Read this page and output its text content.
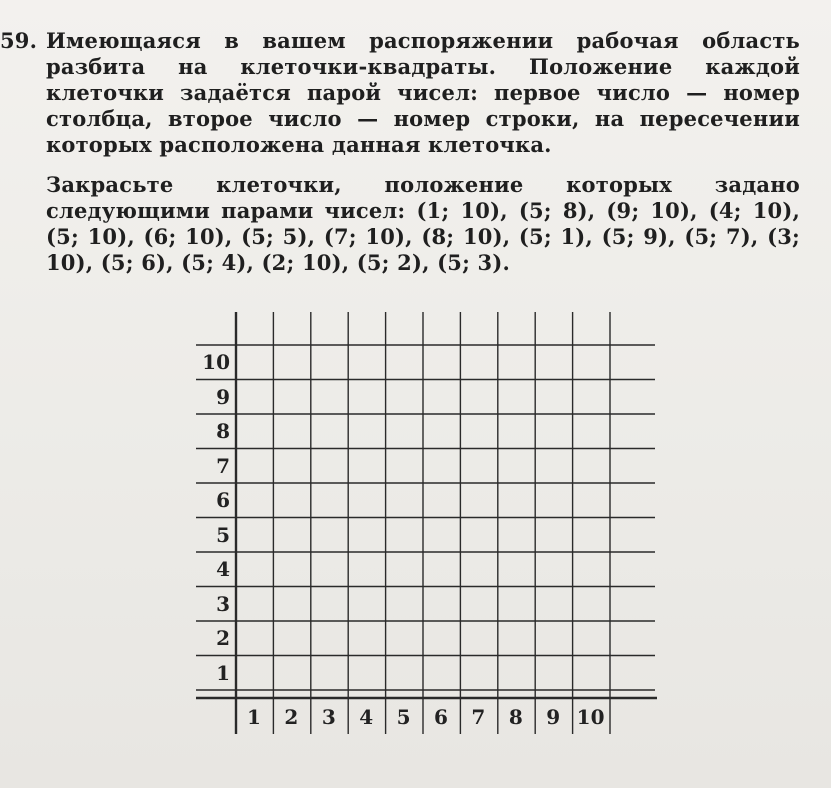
59. Имеющаяся в вашем распоряжении рабочая область разбита на клеточки-квадраты. Положение каждой клеточки задаётся парой чисел: первое число — номер столбца, второе число — номер строки, на пересечении которых расположена данная клеточка.

Закрасьте клеточки, положение которых задано следующими парами чисел: (1; 10), (5; 8), (9; 10), (4; 10), (5; 10), (6; 10), (5; 5), (7; 10), (8; 10), (5; 1), (5; 9), (5; 7), (3; 10), (5; 6), (5; 4), (2; 10), (5; 2), (5; 3).

10
9
8
7
6
5
4
3
2
1
1	2	3	4	5	6	7	8	9 10
